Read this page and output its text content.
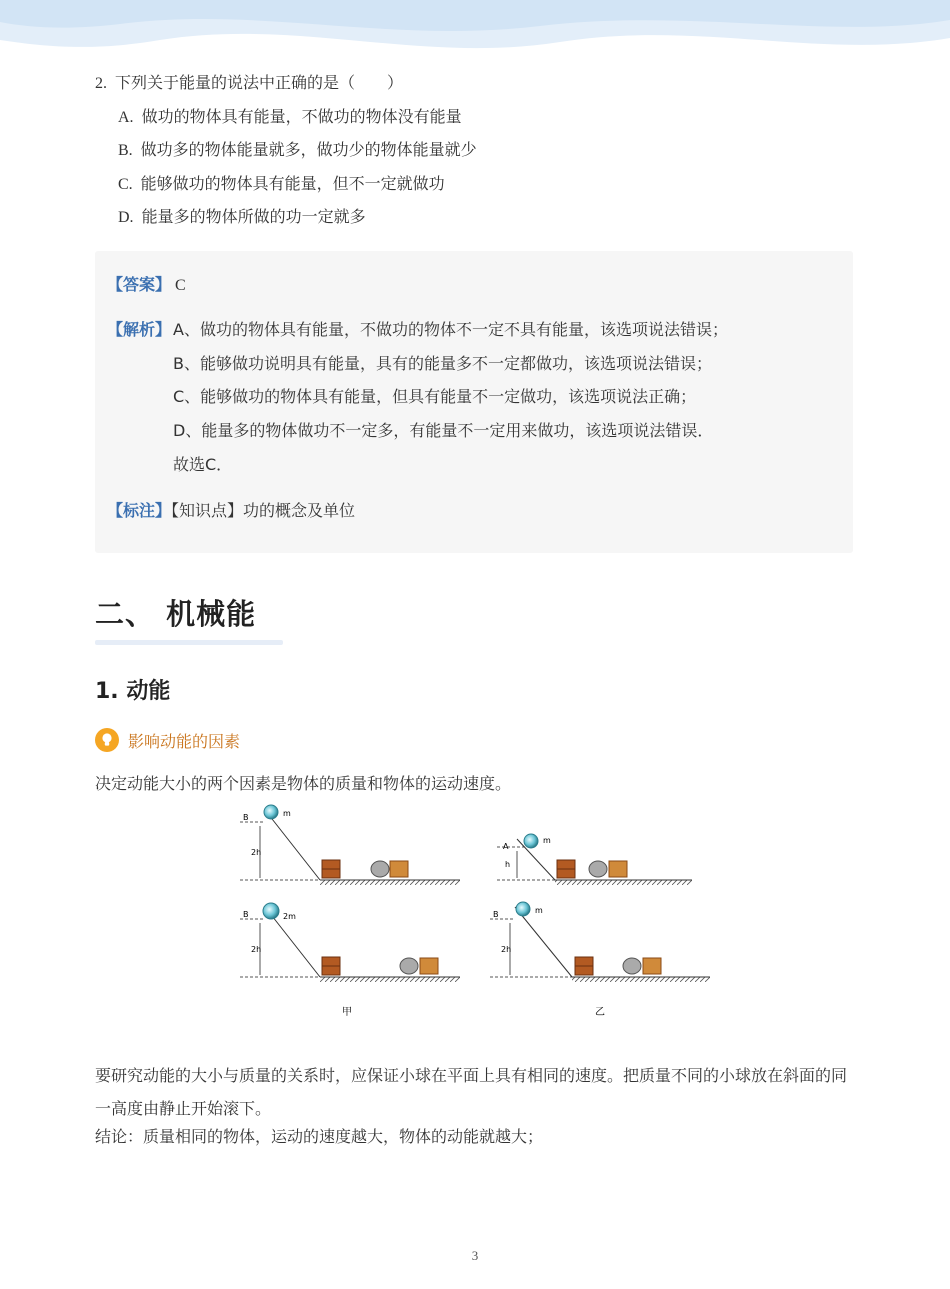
2. 下列关于能量的说法中正确的是（　　）
A. 做功的物体具有能量，不做功的物体没有能量
B. 做功多的物体能量就多，做功少的物体能量就少
C. 能够做功的物体具有能量，但不一定就做功
D. 能量多的物体所做的功一定就多
【答案】 C
【解析】 A、做功的物体具有能量，不做功的物体不一定不具有能量，该选项说法错误；
B、能够做功说明具有能量，具有的能量多不一定都做功，该选项说法错误；
C、能够做功的物体具有能量，但具有能量不一定做功，该选项说法正确；
D、能量多的物体做功不一定多，有能量不一定用来做功，该选项说法错误．
故选C．
【标注】【知识点】功的概念及单位
二、 机械能
1. 动能
影响动能的因素
决定动能大小的两个因素是物体的质量和物体的运动速度。
B
2h
m
A
h
m
B
2h
2m	B
2h
m
甲	乙
要研究动能的大小与质量的关系时，应保证小球在平面上具有相同的速度。把质量不同的小球放在斜面的同一高度由静止开始滚下。
结论：质量相同的物体，运动的速度越大，物体的动能就越大；
3
